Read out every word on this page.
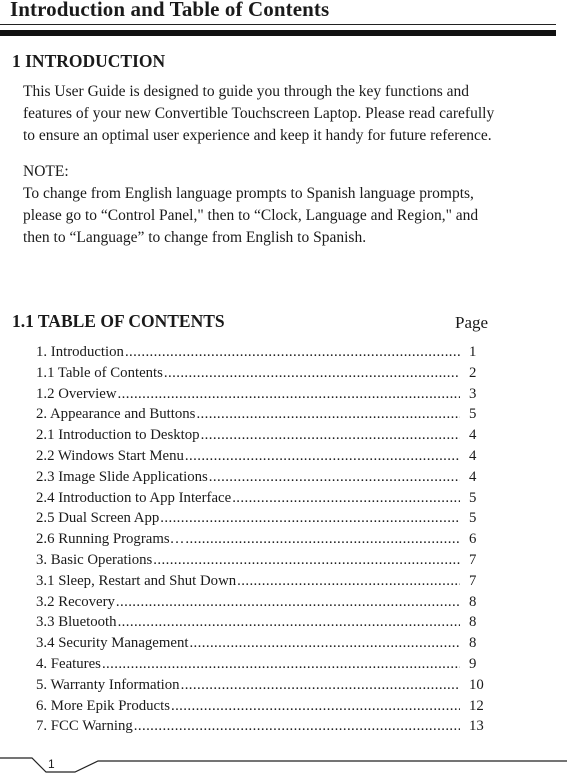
Introduction and Table of Contents
1 INTRODUCTION
This User Guide is designed to guide you through the key functions and
features of your new Convertible Touchscreen Laptop. Please read carefully
to ensure an optimal user experience and keep it handy for future reference.
NOTE:
To change from English language prompts to Spanish language prompts,
please go to “Control Panel," then to “Clock, Language and Region," and
then to “Language” to change from English to Spanish.
1.1 TABLE OF CONTENTS	Page
1. Introduction .....	1
1.1 Table of Contents .....	2
1.2 Overview .....	3
2. Appearance and Buttons .....	5
2.1 Introduction to Desktop .....	4
2.2 Windows Start Menu .....	4
2.3 Image Slide Applications .....	4
2.4 Introduction to App Interface .....	5
2.5 Dual Screen App .....	5
2.6 Running Programs… .....	6
3. Basic Operations .....	7
3.1 Sleep, Restart and Shut Down .....	7
3.2 Recovery .....	8
3.3 Bluetooth .....	8
3.4 Security Management .....	8
4. Features .....	9
5. Warranty Information .....	10
6. More Epik Products .....	12
7. FCC Warning .....	13
1
